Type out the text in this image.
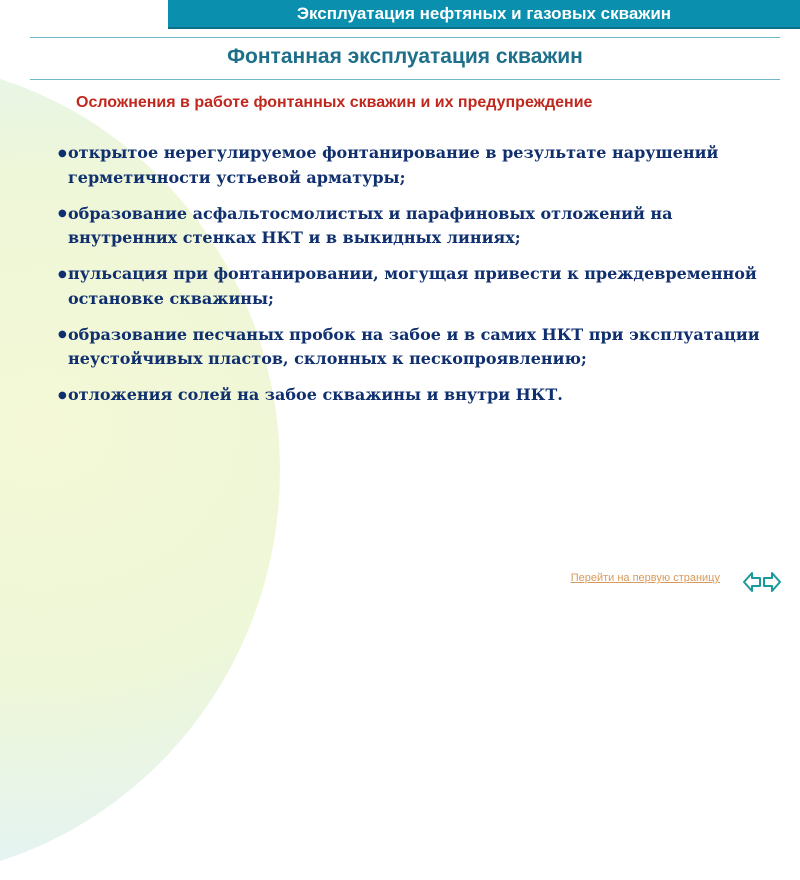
Эксплуатация нефтяных и газовых скважин
Фонтанная эксплуатация скважин
Осложнения в работе фонтанных скважин и их предупреждение
●открытое нерегулируемое фонтанирование в результате нарушений герметичности устьевой арматуры;
●образование асфальтосмолистых и парафиновых отложений на внутренних стенках НКТ и в выкидных линиях;
●пульсация при фонтанировании, могущая привести к преждевременной остановке скважины;
●образование песчаных пробок на забое и в самих НКТ при эксплуатации неустойчивых пластов, склонных к пескопроявлению;
●отложения солей на забое скважины и внутри НКТ.
Перейти на первую страницу
